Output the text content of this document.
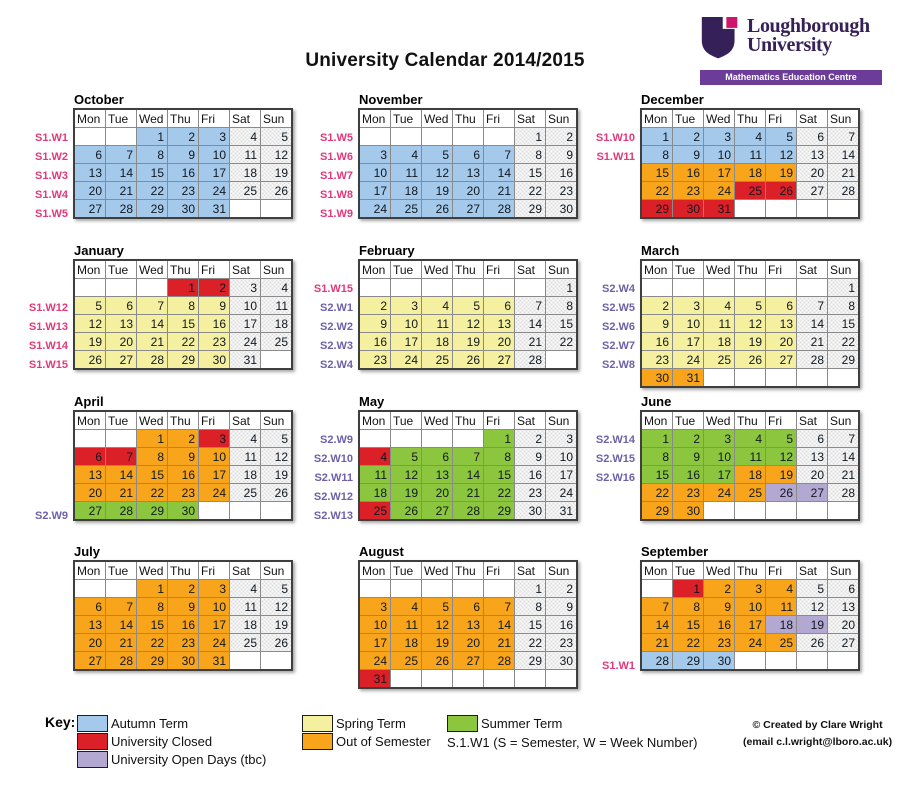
University Calendar 2014/2015
Loughborough
University
Mathematics Education Centre
S1.W1
S1.W2
S1.W3
S1.W4
S1.W5
October
Mon	Tue	Wed	Thu	Fri	Sat	Sun
		1	2	3	4	5
6	7	8	9	10	11	12
13	14	15	16	17	18	19
20	21	22	23	24	25	26
27	28	29	30	31		
S1.W5
S1.W6
S1.W7
S1.W8
S1.W9
November
Mon	Tue	Wed	Thu	Fri	Sat	Sun
					1	2
3	4	5	6	7	8	9
10	11	12	13	14	15	16
17	18	19	20	21	22	23
24	25	26	27	28	29	30
S1.W10
S1.W11
December
Mon	Tue	Wed	Thu	Fri	Sat	Sun
1	2	3	4	5	6	7
8	9	10	11	12	13	14
15	16	17	18	19	20	21
22	23	24	25	26	27	28
29	30	31				
S1.W12
S1.W13
S1.W14
S1.W15
January
Mon	Tue	Wed	Thu	Fri	Sat	Sun
			1	2	3	4
5	6	7	8	9	10	11
12	13	14	15	16	17	18
19	20	21	22	23	24	25
26	27	28	29	30	31	
S1.W15
S2.W1
S2.W2
S2.W3
S2.W4
February
Mon	Tue	Wed	Thu	Fri	Sat	Sun
						1
2	3	4	5	6	7	8
9	10	11	12	13	14	15
16	17	18	19	20	21	22
23	24	25	26	27	28	
S2.W4
S2.W5
S2.W6
S2.W7
S2.W8
March
Mon	Tue	Wed	Thu	Fri	Sat	Sun
						1
2	3	4	5	6	7	8
9	10	11	12	13	14	15
16	17	18	19	20	21	22
23	24	25	26	27	28	29
30	31					
S2.W9
April
Mon	Tue	Wed	Thu	Fri	Sat	Sun
		1	2	3	4	5
6	7	8	9	10	11	12
13	14	15	16	17	18	19
20	21	22	23	24	25	26
27	28	29	30			
S2.W9
S2.W10
S2.W11
S2.W12
S2.W13
May
Mon	Tue	Wed	Thu	Fri	Sat	Sun
				1	2	3
4	5	6	7	8	9	10
11	12	13	14	15	16	17
18	19	20	21	22	23	24
25	26	27	28	29	30	31
S2.W14
S2.W15
S2.W16
June
Mon	Tue	Wed	Thu	Fri	Sat	Sun
1	2	3	4	5	6	7
8	9	10	11	12	13	14
15	16	17	18	19	20	21
22	23	24	25	26	27	28
29	30					
July
Mon	Tue	Wed	Thu	Fri	Sat	Sun
		1	2	3	4	5
6	7	8	9	10	11	12
13	14	15	16	17	18	19
20	21	22	23	24	25	26
27	28	29	30	31		
August
Mon	Tue	Wed	Thu	Fri	Sat	Sun
					1	2
3	4	5	6	7	8	9
10	11	12	13	14	15	16
17	18	19	20	21	22	23
24	25	26	27	28	29	30
31						
S1.W1
September
Mon	Tue	Wed	Thu	Fri	Sat	Sun
	1	2	3	4	5	6
7	8	9	10	11	12	13
14	15	16	17	18	19	20
21	22	23	24	25	26	27
28	29	30				
Key:	Autumn Term
University Closed
University Open Days (tbc)
Spring Term
Out of Semester
Summer Term
S.1.W1 (S = Semester, W = Week Number)
© Created by Clare Wright
(email c.l.wright@lboro.ac.uk)
